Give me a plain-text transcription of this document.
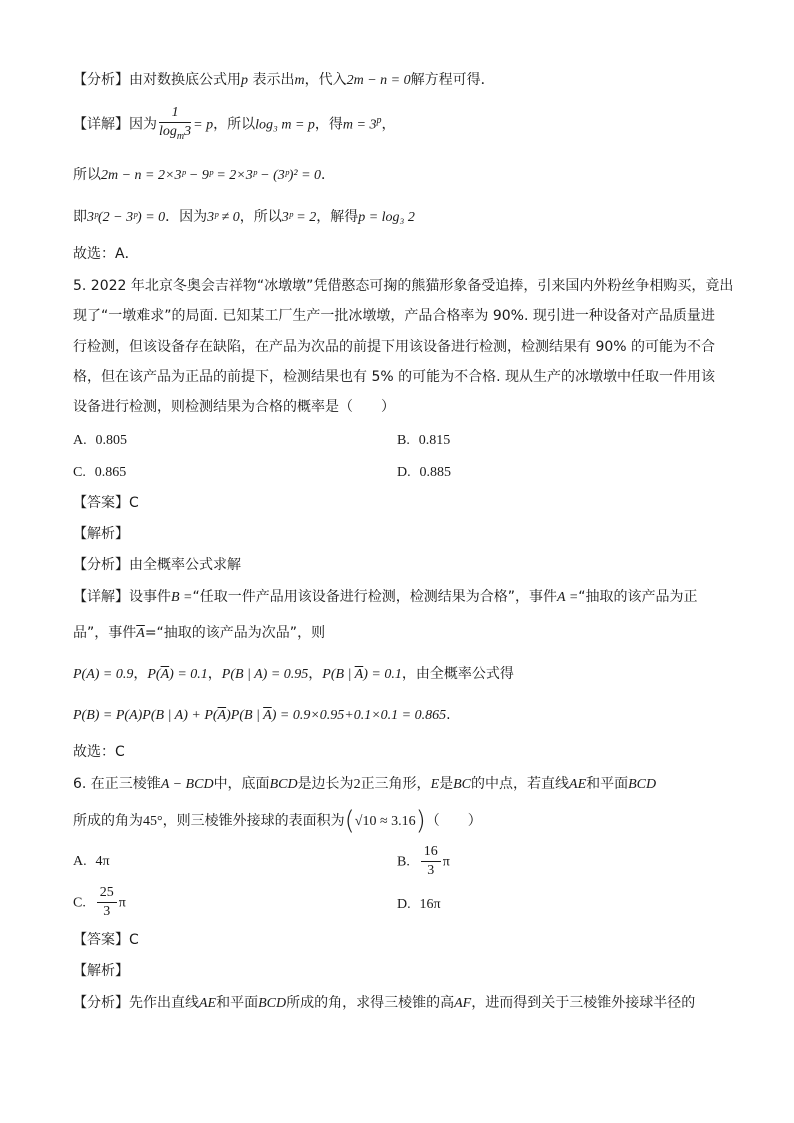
【分析】由对数换底公式用p 表示出m，代入2m − n = 0解方程可得．
【详解】因为 $\frac{1}{\log_m3} = p$，所以log₃ m = p，得$m = 3^p$，
所以2m − n = 2×3ᵖ − 9ᵖ = 2×3ᵖ − (3ᵖ)² = 0．
即3ᵖ(2 − 3ᵖ) = 0．因为3ᵖ ≠ 0，所以3ᵖ = 2，解得p = log₃ 2
故选：A．
5. 2022 年北京冬奥会吉祥物“冰墩墩”凭借憨态可掬的熊猫形象备受追捧，引来国内外粉丝争相购买，竟出
现了“一墩难求”的局面. 已知某工厂生产一批冰墩墩，产品合格率为 90%. 现引进一种设备对产品质量进
行检测，但该设备存在缺陷，在产品为次品的前提下用该设备进行检测，检测结果有 90% 的可能为不合
格，但在该产品为正品的前提下，检测结果也有 5% 的可能为不合格. 现从生产的冰墩墩中任取一件用该
设备进行检测，则检测结果为合格的概率是（　　）
A. 0.805	B. 0.815
C. 0.865	D. 0.885
【答案】C
【解析】
【分析】由全概率公式求解
【详解】设事件B =“任取一件产品用该设备进行检测，检测结果为合格”，事件A =“抽取的该产品为正
品”，事件$\overline{A}=“$抽取的该产品为次品”，则
P(A) = 0.9，$P(\overline{A}) = 0.1$，P(B | A) = 0.95，P(B | $\overline{A}) = 0.1$，由全概率公式得
P(B) = P(A)P(B | $A) + P(\overline{A})P(B$ | $\overline{A}) = 0.9\times 0.95+0.1\times 0.1 = 0.865$.
故选：C
6. 在正三棱锥A − BCD中，底面BCD是边长为2正三角形，E是BC的中点，若直线AE和平面BCD
所成的角为45°，则三棱锥外接球的表面积为(√10 ≈ 3.16)（　　）
A. 4π	B. $\frac{16}{3}$ π
C. $\frac{25}{3}$ π	D. 16π
【答案】C
【解析】
【分析】先作出直线AE和平面BCD所成的角，求得三棱锥的高AF，进而得到关于三棱锥外接球半径的
